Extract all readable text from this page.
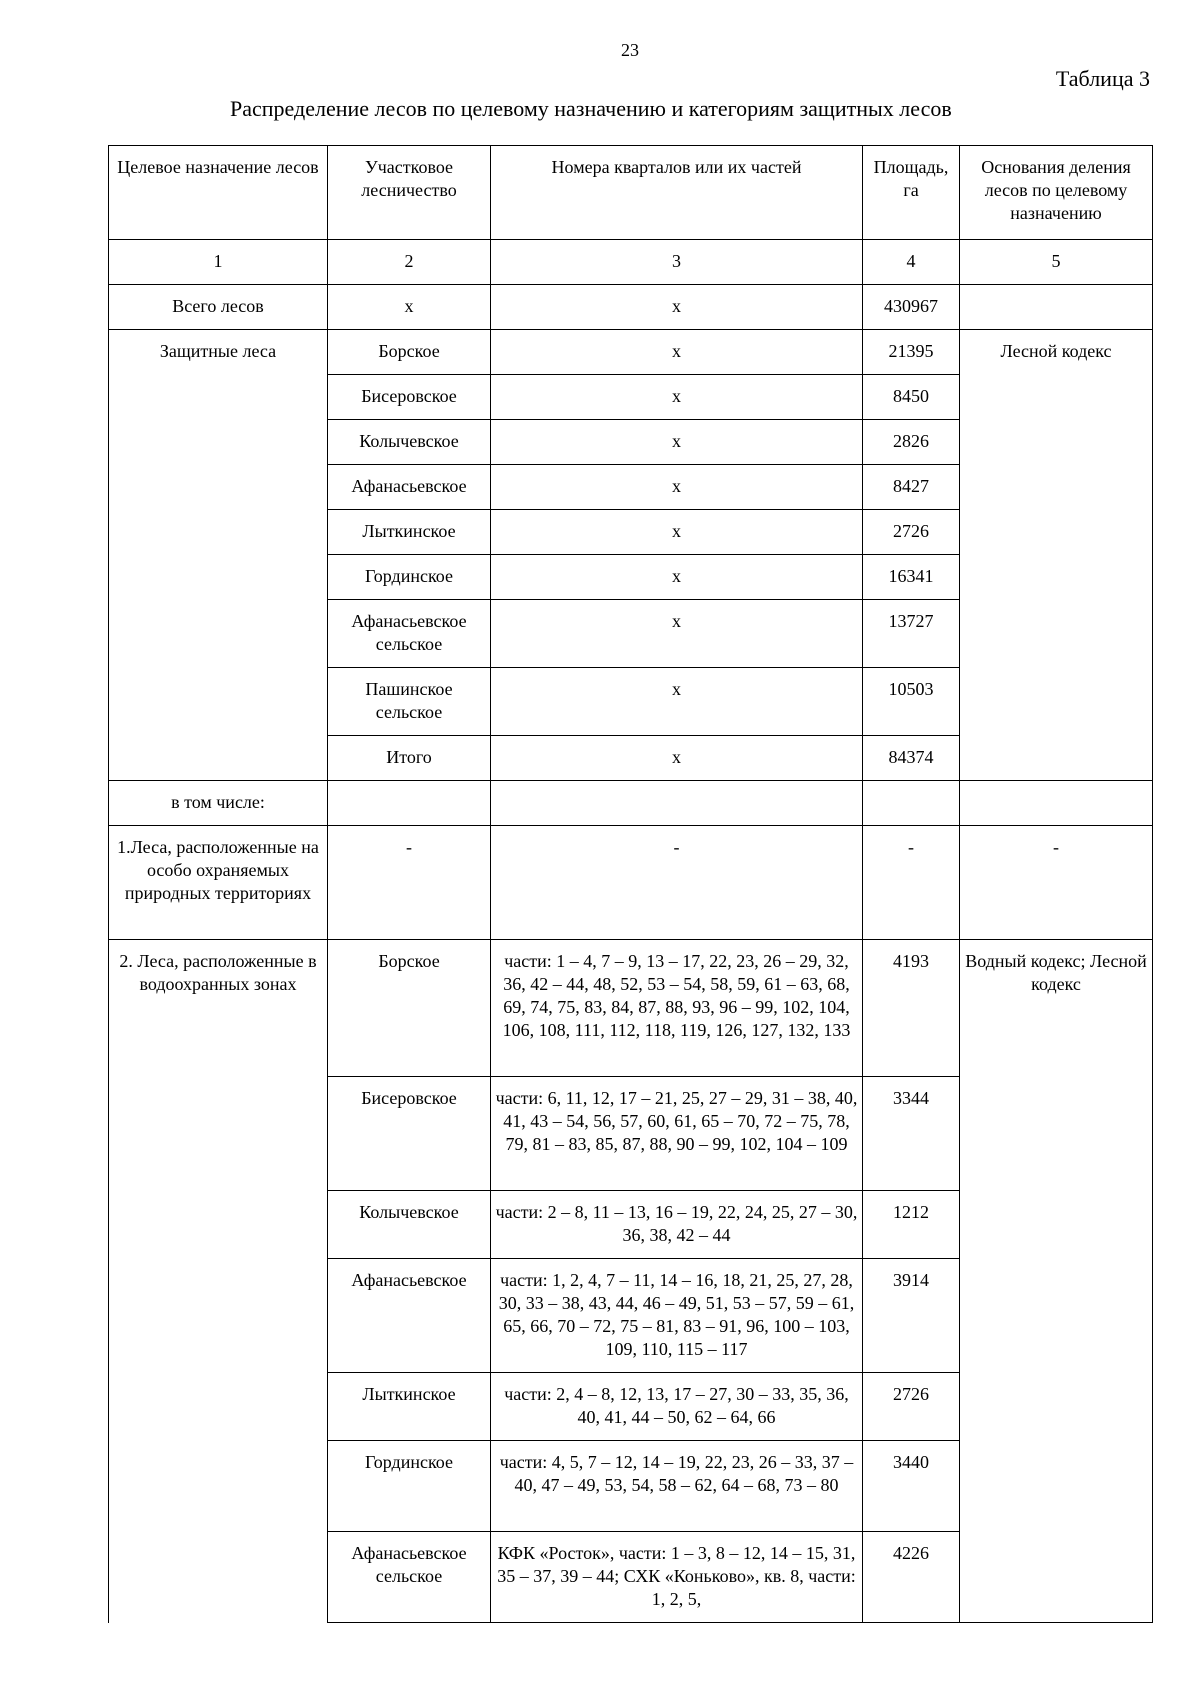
23
Таблица 3
Распределение лесов по целевому назначению и категориям защитных лесов
Целевое назначение лесов	Участковое лесничество	Номера кварталов или их частей	Площадь, га	Основания деления лесов по целевому назначению
1	2	3	4	5
Всего лесов	х	х	430967	
Защитные леса	Борское	х	21395	Лесной кодекс
	Бисеровское	х	8450	
	Колычевское	х	2826	
	Афанасьевское	х	8427	
	Лыткинское	х	2726	
	Гординское	х	16341	
	Афанасьевское сельское	х	13727	
	Пашинское сельское	х	10503	
	Итого	х	84374	
в том числе:				
1.Леса, расположенные на особо охраняемых природных территориях	-	-	-	-
2. Леса, расположенные в водоохранных зонах	Борское	части: 1 – 4, 7 – 9, 13 – 17, 22, 23, 26 – 29, 32, 36, 42 – 44, 48, 52, 53 – 54, 58, 59, 61 – 63, 68, 69, 74, 75, 83, 84, 87, 88, 93, 96 – 99, 102, 104, 106, 108, 111, 112, 118, 119, 126, 127, 132, 133	4193	Водный кодекс; Лесной кодекс
	Бисеровское	части: 6, 11, 12, 17 – 21, 25, 27 – 29, 31 – 38, 40, 41, 43 – 54, 56, 57, 60, 61, 65 – 70, 72 – 75, 78, 79, 81 – 83, 85, 87, 88, 90 – 99, 102, 104 – 109	3344	
	Колычевское	части: 2 – 8, 11 – 13, 16 – 19, 22, 24, 25, 27 – 30, 36, 38, 42 – 44	1212	
	Афанасьевское	части: 1, 2, 4, 7 – 11, 14 – 16, 18, 21, 25, 27, 28, 30, 33 – 38, 43, 44, 46 – 49, 51, 53 – 57, 59 – 61, 65, 66, 70 – 72, 75 – 81, 83 – 91, 96, 100 – 103, 109, 110, 115 – 117	3914	
	Лыткинское	части: 2, 4 – 8, 12, 13, 17 – 27, 30 – 33, 35, 36, 40, 41, 44 – 50, 62 – 64, 66	2726	
	Гординское	части: 4, 5, 7 – 12, 14 – 19, 22, 23, 26 – 33, 37 – 40, 47 – 49, 53, 54, 58 – 62, 64 – 68, 73 – 80	3440	
	Афанасьевское сельское	КФК «Росток», части: 1 – 3, 8 – 12, 14 – 15, 31, 35 – 37, 39 – 44; СХК «Коньково», кв. 8, части: 1, 2, 5,	4226	
